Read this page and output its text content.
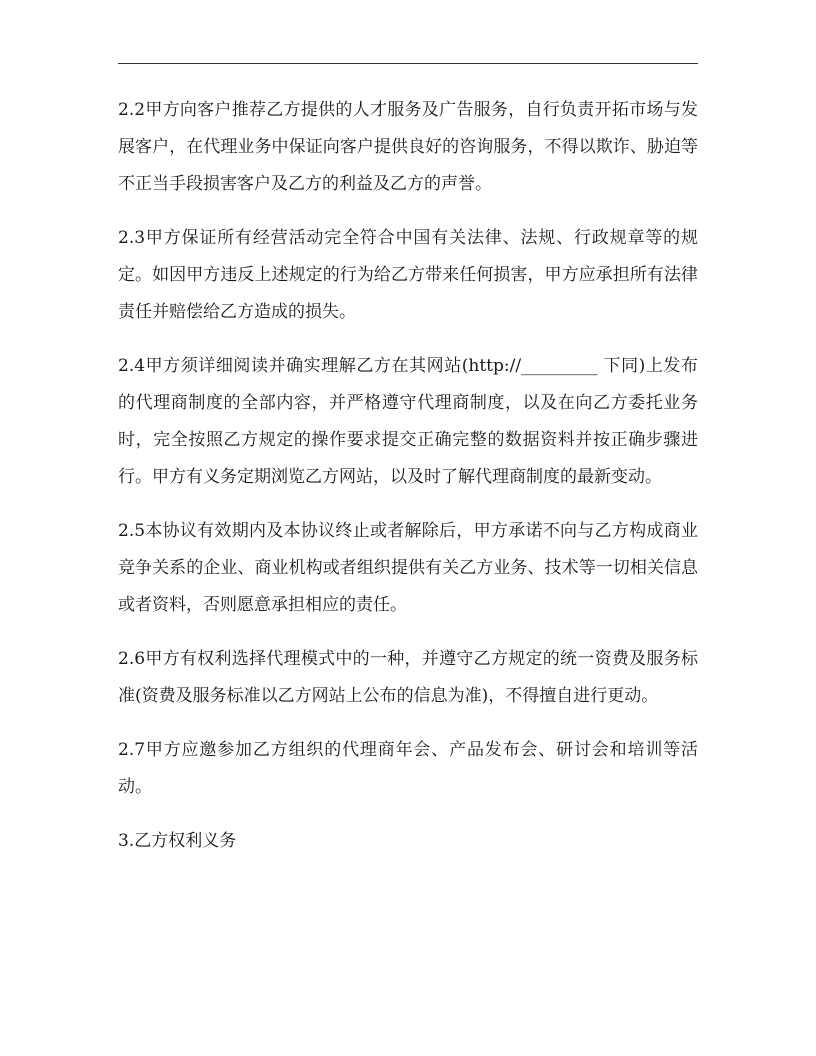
2.2甲方向客户推荐乙方提供的人才服务及广告服务，自行负责开拓市场与发展客户，在代理业务中保证向客户提供良好的咨询服务，不得以欺诈、胁迫等不正当手段损害客户及乙方的利益及乙方的声誉。

2.3甲方保证所有经营活动完全符合中国有关法律、法规、行政规章等的规定。如因甲方违反上述规定的行为给乙方带来任何损害，甲方应承担所有法律责任并赔偿给乙方造成的损失。

2.4甲方须详细阅读并确实理解乙方在其网站(http://_________ 下同)上发布的代理商制度的全部内容，并严格遵守代理商制度，以及在向乙方委托业务时，完全按照乙方规定的操作要求提交正确完整的数据资料并按正确步骤进行。甲方有义务定期浏览乙方网站，以及时了解代理商制度的最新变动。

2.5本协议有效期内及本协议终止或者解除后，甲方承诺不向与乙方构成商业竞争关系的企业、商业机构或者组织提供有关乙方业务、技术等一切相关信息或者资料，否则愿意承担相应的责任。

2.6甲方有权利选择代理模式中的一种，并遵守乙方规定的统一资费及服务标准(资费及服务标准以乙方网站上公布的信息为准)，不得擅自进行更动。

2.7甲方应邀参加乙方组织的代理商年会、产品发布会、研讨会和培训等活动。

3.乙方权利义务
